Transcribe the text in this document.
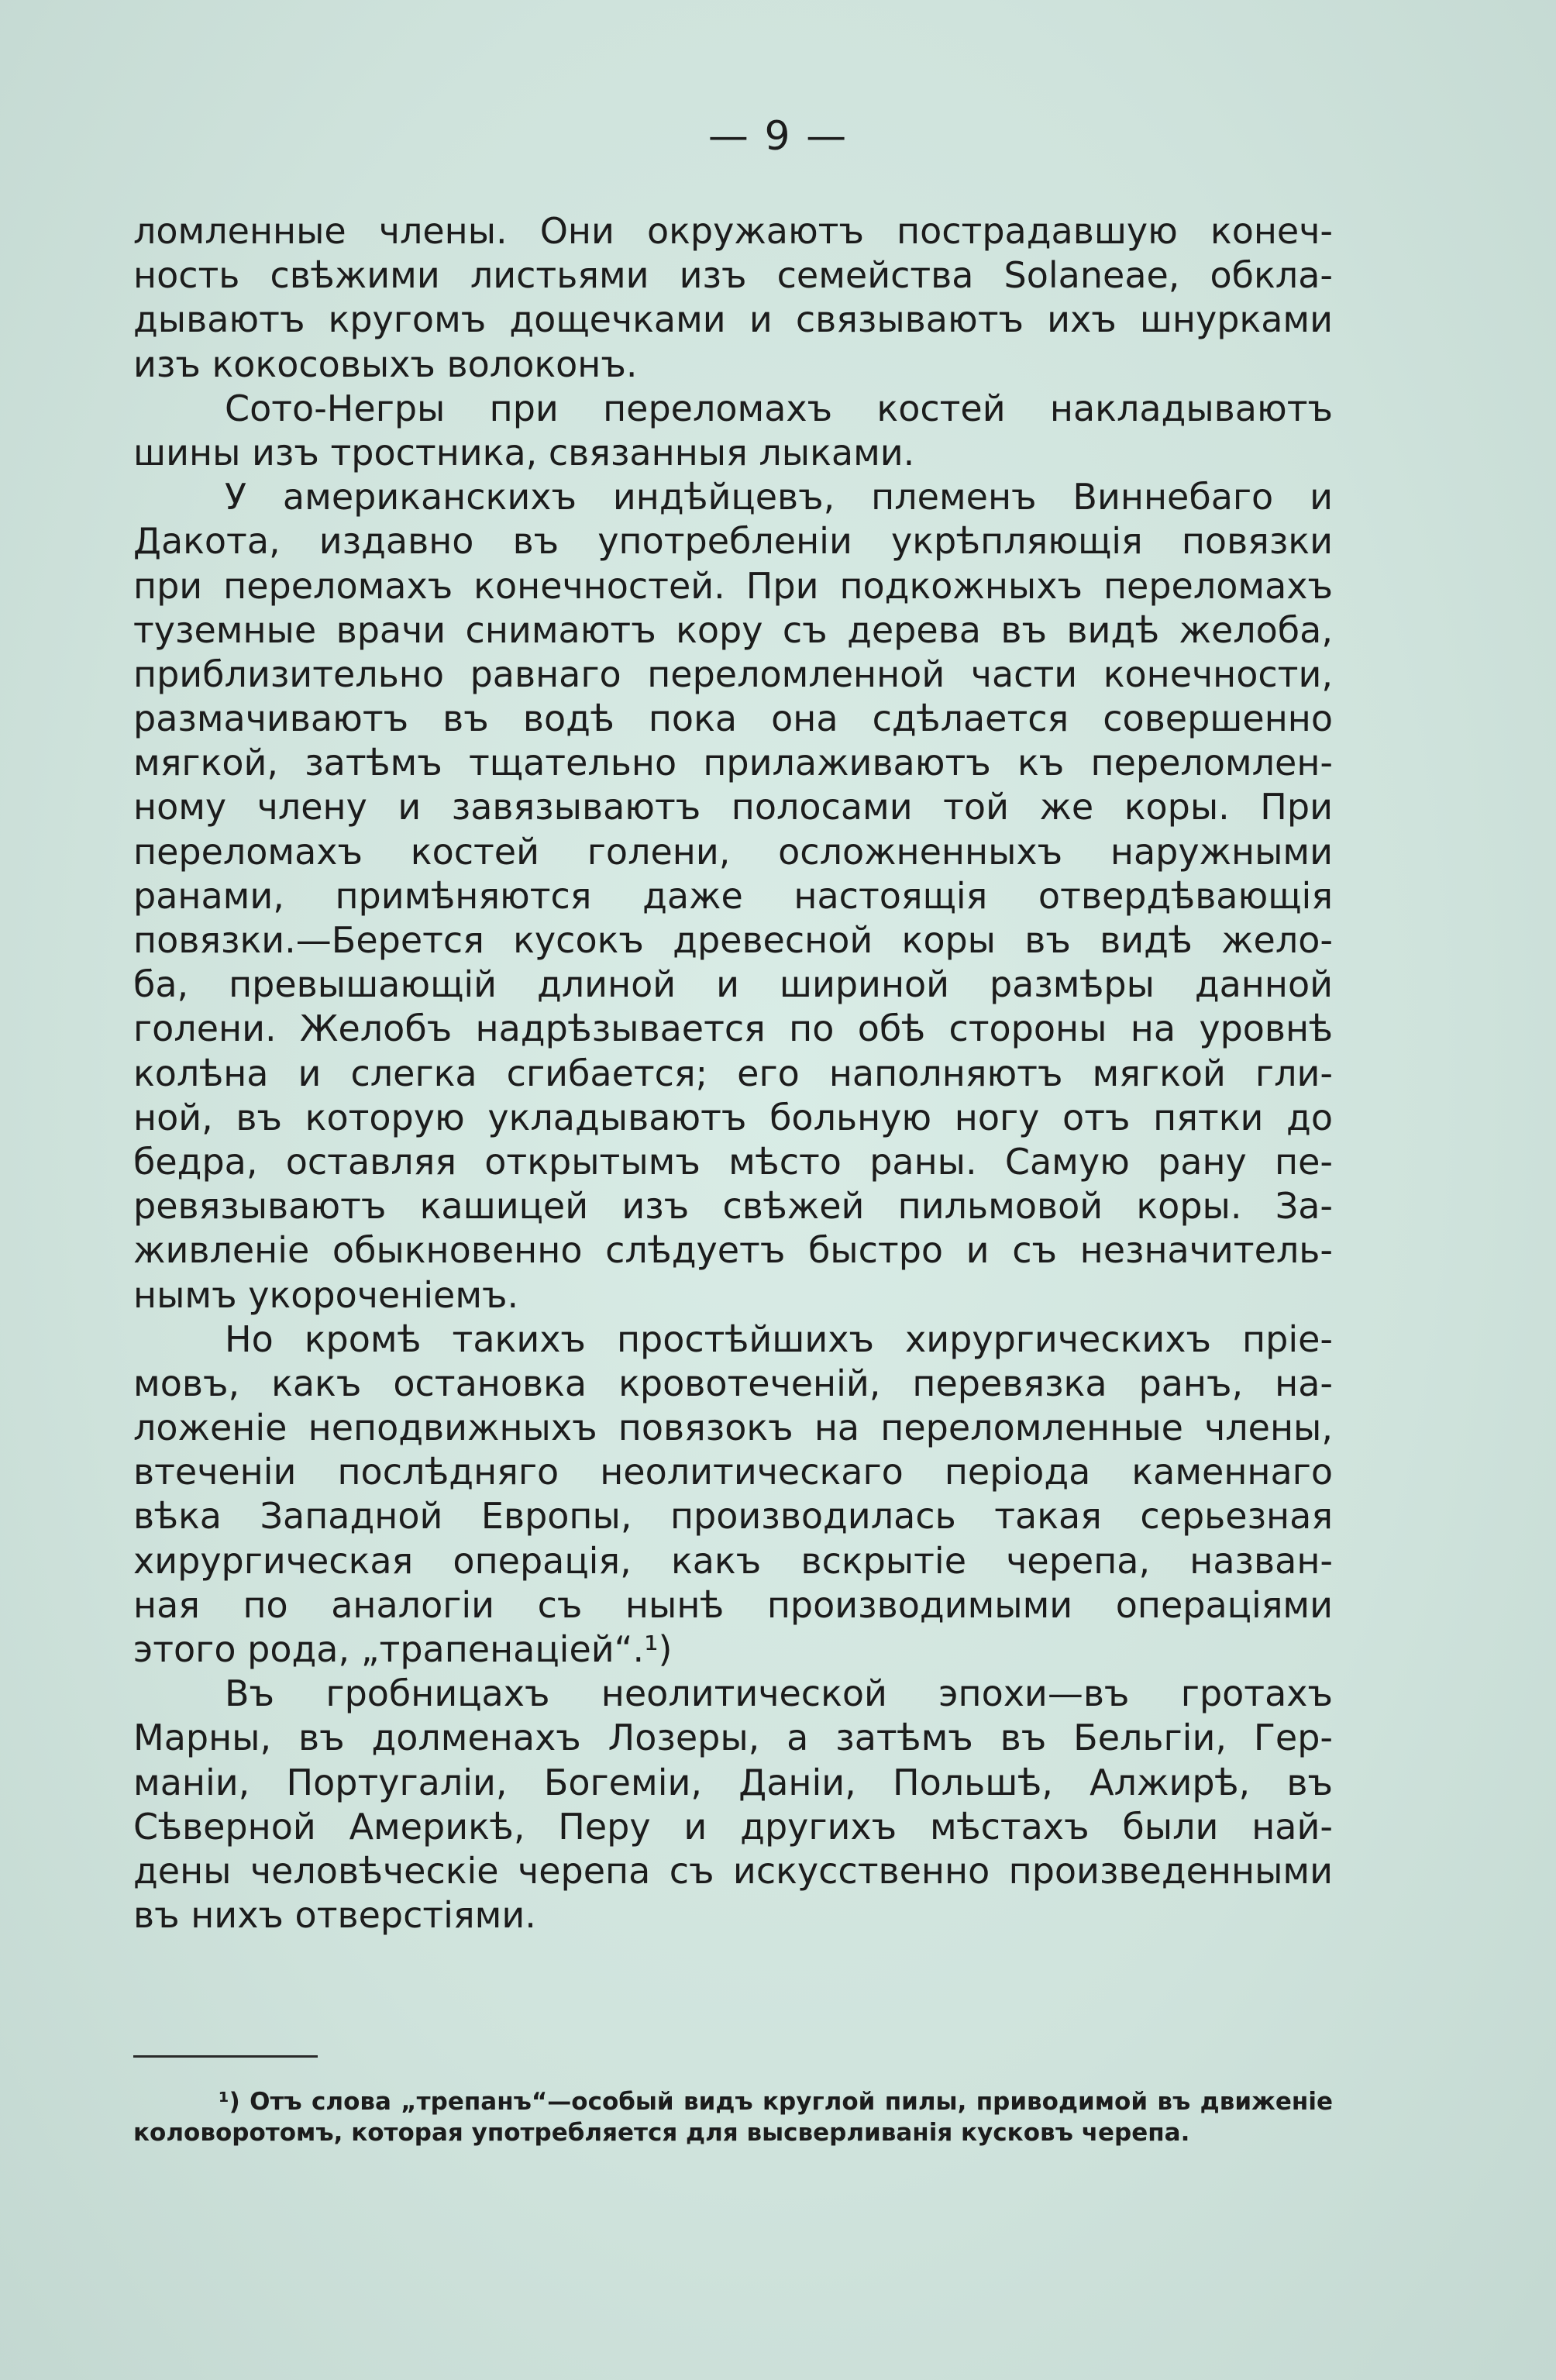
— 9 —
ломленные члены. Они окружаютъ пострадавшую конеч-
ность свѣжими листьями изъ семейства Solaneae, обкла-
дываютъ кругомъ дощечками и связываютъ ихъ шнурками
изъ кокосовыхъ волоконъ.
Сото-Негры при переломахъ костей накладываютъ
шины изъ тростника, связанныя лыками.
У американскихъ индѣйцевъ, племенъ Виннебаго и
Дакота, издавно въ употребленіи укрѣпляющія повязки
при переломахъ конечностей. При подкожныхъ переломахъ
туземные врачи снимаютъ кору съ дерева въ видѣ желоба,
приблизительно равнаго переломленной части конечности,
размачиваютъ въ водѣ пока она сдѣлается совершенно
мягкой, затѣмъ тщательно прилаживаютъ къ переломлен-
ному члену и завязываютъ полосами той же коры. При
переломахъ костей голени, осложненныхъ наружными
ранами, примѣняются даже настоящія отвердѣвающія
повязки.—Берется кусокъ древесной коры въ видѣ жело-
ба, превышающій длиной и шириной размѣры данной
голени. Желобъ надрѣзывается по обѣ стороны на уровнѣ
колѣна и слегка сгибается; его наполняютъ мягкой гли-
ной, въ которую укладываютъ больную ногу отъ пятки до
бедра, оставляя открытымъ мѣсто раны. Самую рану пе-
ревязываютъ кашицей изъ свѣжей пильмовой коры. За-
живленіе обыкновенно слѣдуетъ быстро и съ незначитель-
нымъ укороченіемъ.
Но кромѣ такихъ простѣйшихъ хирургическихъ пріе-
мовъ, какъ остановка кровотеченій, перевязка ранъ, на-
ложеніе неподвижныхъ повязокъ на переломленные члены,
втеченіи послѣдняго неолитическаго періода каменнаго
вѣка Западной Европы, производилась такая серьезная
хирургическая операція, какъ вскрытіе черепа, назван-
ная по аналогіи съ нынѣ производимыми операціями
этого рода, „трапенаціей“.¹)
Въ гробницахъ неолитической эпохи—въ гротахъ
Марны, въ долменахъ Лозеры, а затѣмъ въ Бельгіи, Гер-
маніи, Португаліи, Богеміи, Даніи, Польшѣ, Алжирѣ, въ
Сѣверной Америкѣ, Перу и другихъ мѣстахъ были най-
дены человѣческіе черепа съ искусственно произведенными
въ нихъ отверстіями.
¹) Отъ слова „трепанъ“—особый видъ круглой пилы, приводимой въ движеніе
коловоротомъ, которая употребляется для высверливанія кусковъ черепа.
